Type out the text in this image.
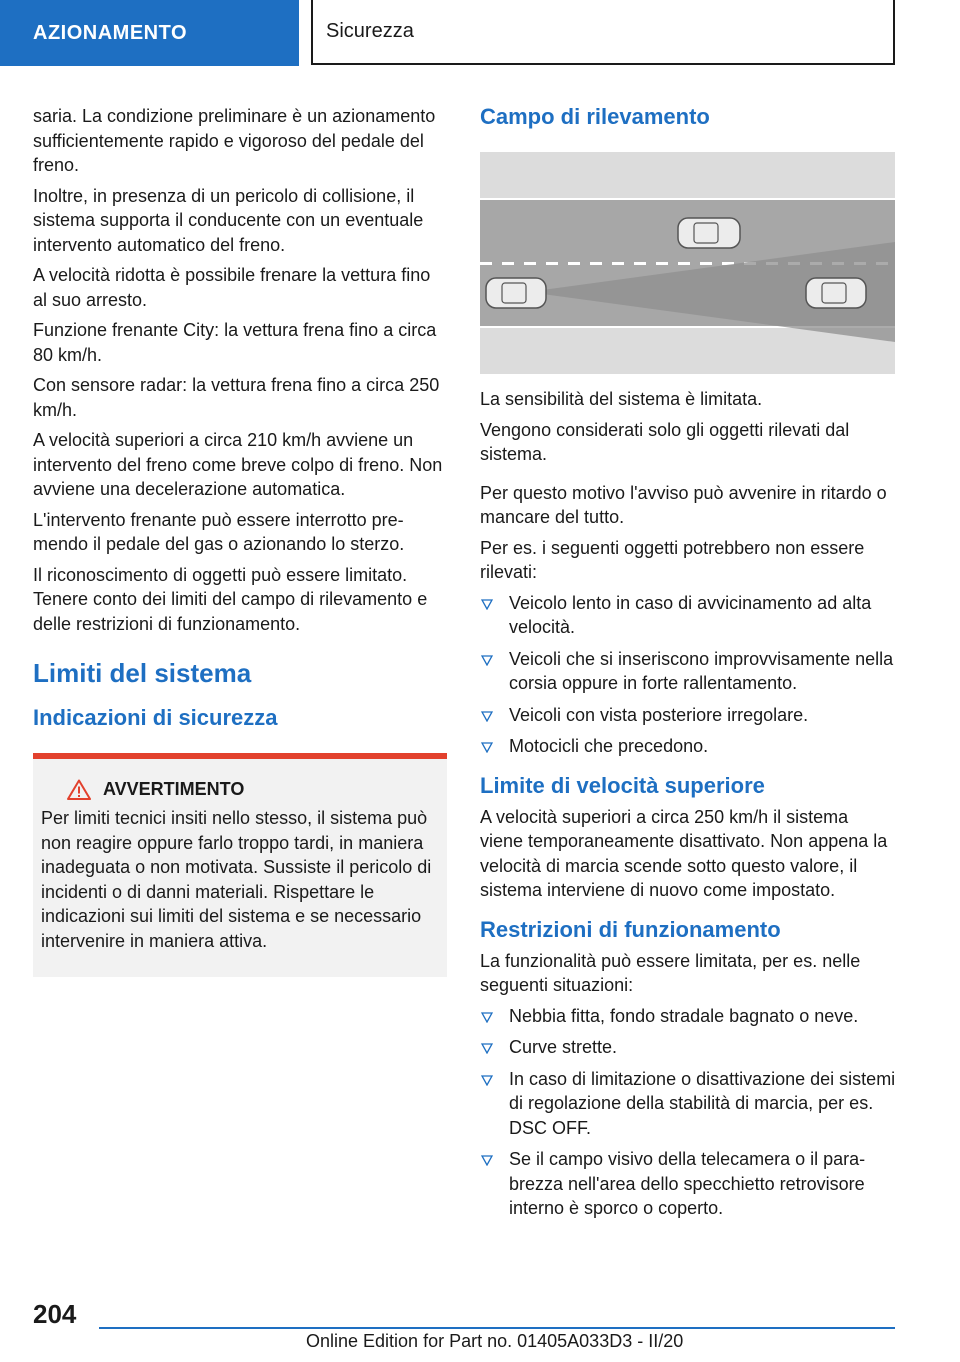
AZIONAMENTO	Sicurezza

saria. La condizione preliminare è un azionamento sufficientemente rapido e vigoroso del pedale del freno.

Inoltre, in presenza di un pericolo di collisione, il sistema supporta il conducente con un eventuale intervento automatico del freno.

A velocità ridotta è possibile frenare la vettura fino al suo arresto.

Funzione frenante City: la vettura frena fino a circa 80 km/h.

Con sensore radar: la vettura frena fino a circa 250 km/h.

A velocità superiori a circa 210 km/h avviene un intervento del freno come breve colpo di freno. Non avviene una decelerazione automatica.

L'intervento frenante può essere interrotto premendo il pedale del gas o azionando lo sterzo.

Il riconoscimento di oggetti può essere limitato. Tenere conto dei limiti del campo di rilevamento e delle restrizioni di funzionamento.

Limiti del sistema
Indicazioni di sicurezza
AVVERTIMENTO

Per limiti tecnici insiti nello stesso, il sistema può non reagire oppure farlo troppo tardi, in maniera inadeguata o non motivata. Sussiste il pericolo di incidenti o di danni materiali. Rispettare le indicazioni sui limiti del sistema e se necessario intervenire in maniera attiva.

Campo di rilevamento

La sensibilità del sistema è limitata.

Vengono considerati solo gli oggetti rilevati dal sistema.

Per questo motivo l'avviso può avvenire in ritardo o mancare del tutto.

Per es. i seguenti oggetti potrebbero non essere rilevati:

Veicolo lento in caso di avvicinamento ad alta velocità.
Veicoli che si inseriscono improvvisamente nella corsia oppure in forte rallentamento.
Veicoli con vista posteriore irregolare.
Motocicli che precedono.
Limite di velocità superiore

A velocità superiori a circa 250 km/h il sistema viene temporaneamente disattivato. Non appena la velocità di marcia scende sotto questo valore, il sistema interviene di nuovo come impostato.

Restrizioni di funzionamento

La funzionalità può essere limitata, per es. nelle seguenti situazioni:

Nebbia fitta, fondo stradale bagnato o neve.
Curve strette.
In caso di limitazione o disattivazione dei sistemi di regolazione della stabilità di marcia, per es. DSC OFF.
Se il campo visivo della telecamera o il parabrezza nell'area dello specchietto retrovisore interno è sporco o coperto.
204
Online Edition for Part no. 01405A033D3 - II/20
